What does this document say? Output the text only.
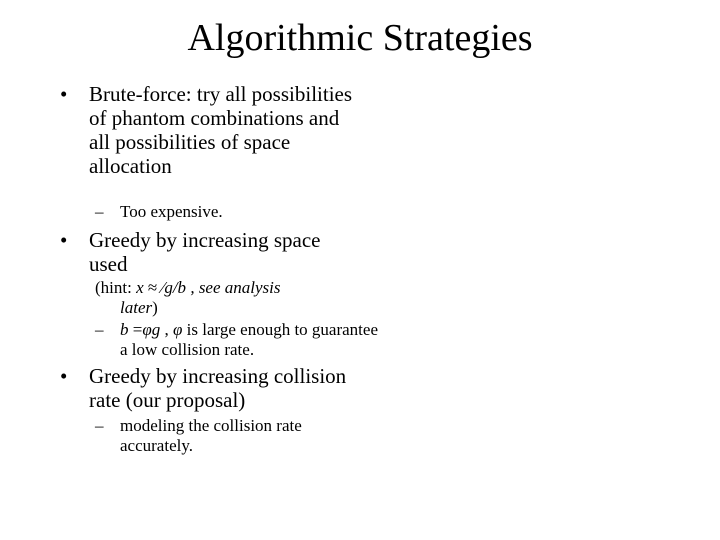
Algorithmic Strategies
• Brute-force: try all possibilities of phantom combinations and all possibilities of space allocation
– Too expensive.
• Greedy by increasing space used
(hint: x ≈ ⁄g/b , see analysis
later)
– b =φg , φ is large enough to guarantee a low collision rate.
• Greedy by increasing collision rate (our proposal)
– modeling the collision rate accurately.
